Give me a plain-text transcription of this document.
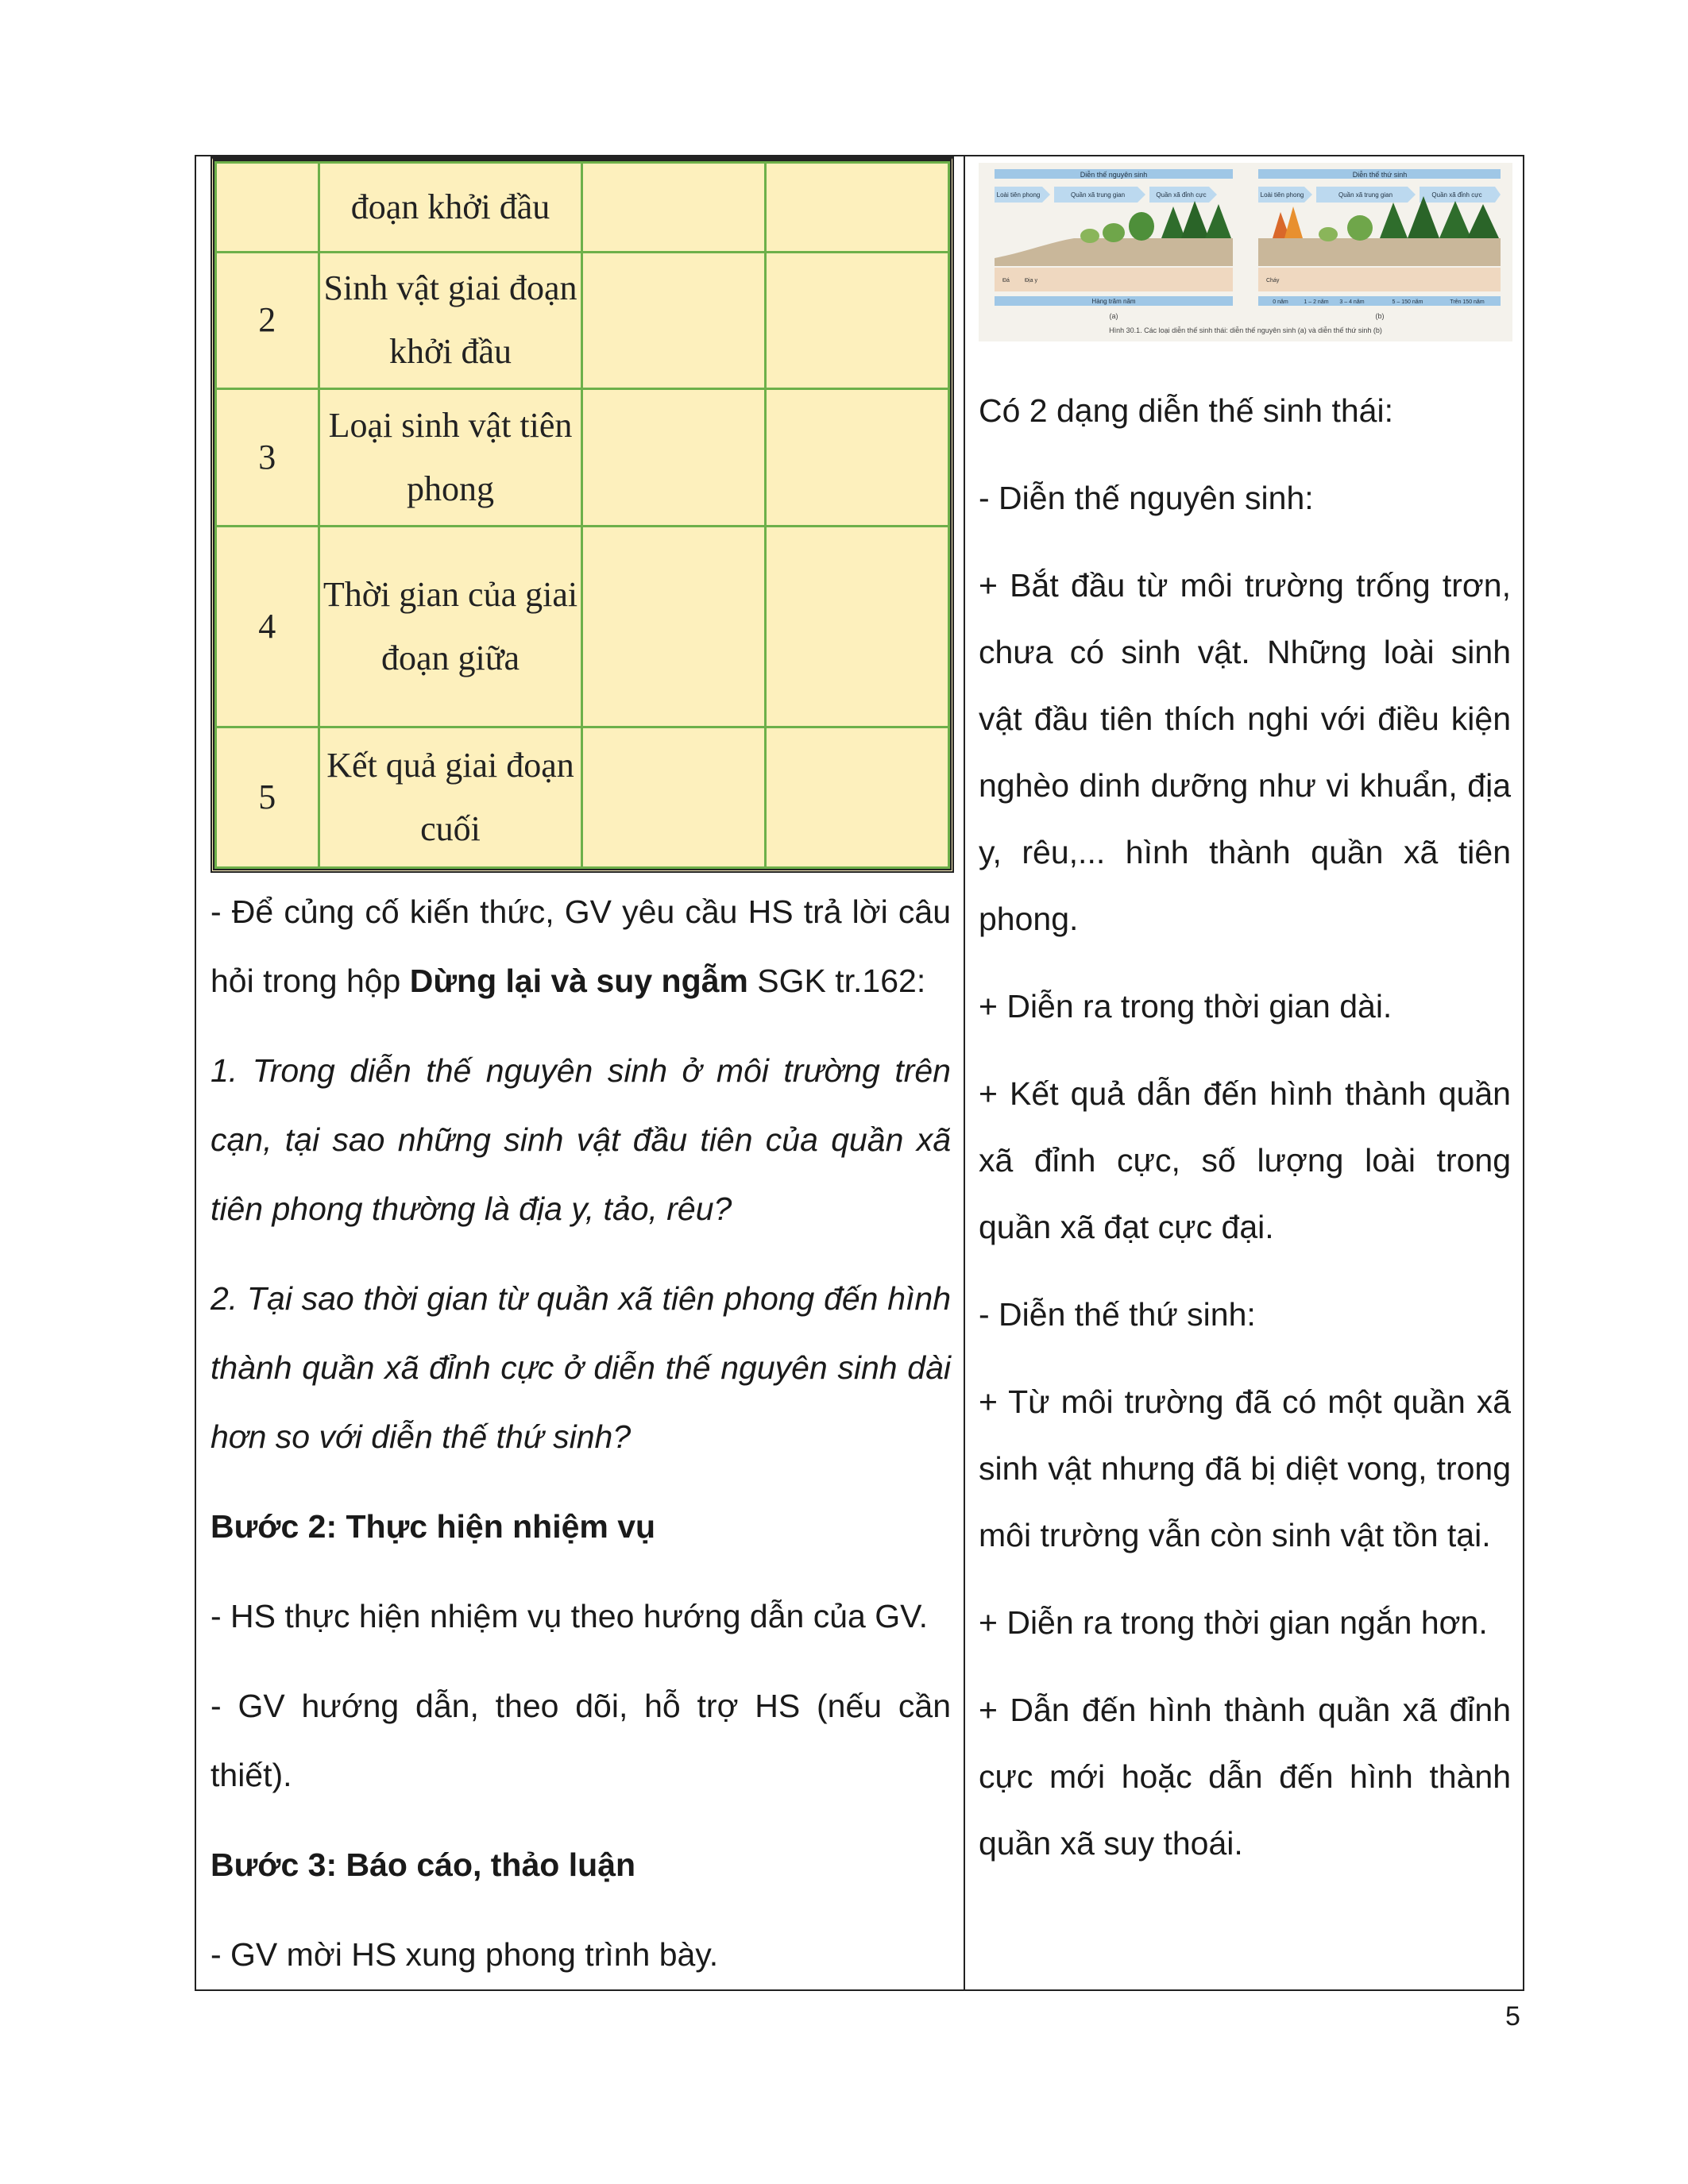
	đoạn khởi đầu		
2	Sinh vật giai đoạn khởi đầu		
3	Loại sinh vật tiên phong		
4	Thời gian của giai đoạn giữa		
5	Kết quả giai đoạn cuối		

- Để củng cố kiến thức, GV yêu cầu HS trả lời câu hỏi trong hộp Dừng lại và suy ngẫm SGK tr.162:

1. Trong diễn thế nguyên sinh ở môi trường trên cạn, tại sao những sinh vật đầu tiên của quần xã tiên phong thường là địa y, tảo, rêu?

2. Tại sao thời gian từ quần xã tiên phong đến hình thành quần xã đỉnh cực ở diễn thế nguyên sinh dài hơn so với diễn thế thứ sinh?

Bước 2: Thực hiện nhiệm vụ

- HS thực hiện nhiệm vụ theo hướng dẫn của GV.

- GV hướng dẫn, theo dõi, hỗ trợ HS (nếu cần thiết).

Bước 3: Báo cáo, thảo luận

- GV mời HS xung phong trình bày.

Diễn thế nguyên sinh
Loài tiên phong	Quần xã trung gian	Quần xã đỉnh cực
Đá	Địa y
Hàng trăm năm
(a)
Diễn thế thứ sinh
Loài tiên phong	Quần xã trung gian	Quần xã đỉnh cực
Cháy
0 năm	1 – 2 năm 3 – 4 năm	5 – 150 năm	Trên 150 năm
(b)
Hình 30.1. Các loại diễn thế sinh thái: diễn thế nguyên sinh (a) và diễn thế thứ sinh (b)

Có 2 dạng diễn thế sinh thái:

- Diễn thế nguyên sinh:

+ Bắt đầu từ môi trường trống trơn, chưa có sinh vật. Những loài sinh vật đầu tiên thích nghi với điều kiện nghèo dinh dưỡng như vi khuẩn, địa y, rêu,... hình thành quần xã tiên phong.

+ Diễn ra trong thời gian dài.

+ Kết quả dẫn đến hình thành quần xã đỉnh cực, số lượng loài trong quần xã đạt cực đại.

- Diễn thế thứ sinh:

+ Từ môi trường đã có một quần xã sinh vật nhưng đã bị diệt vong, trong môi trường vẫn còn sinh vật tồn tại.

+ Diễn ra trong thời gian ngắn hơn.

+ Dẫn đến hình thành quần xã đỉnh cực mới hoặc dẫn đến hình thành quần xã suy thoái.

5
